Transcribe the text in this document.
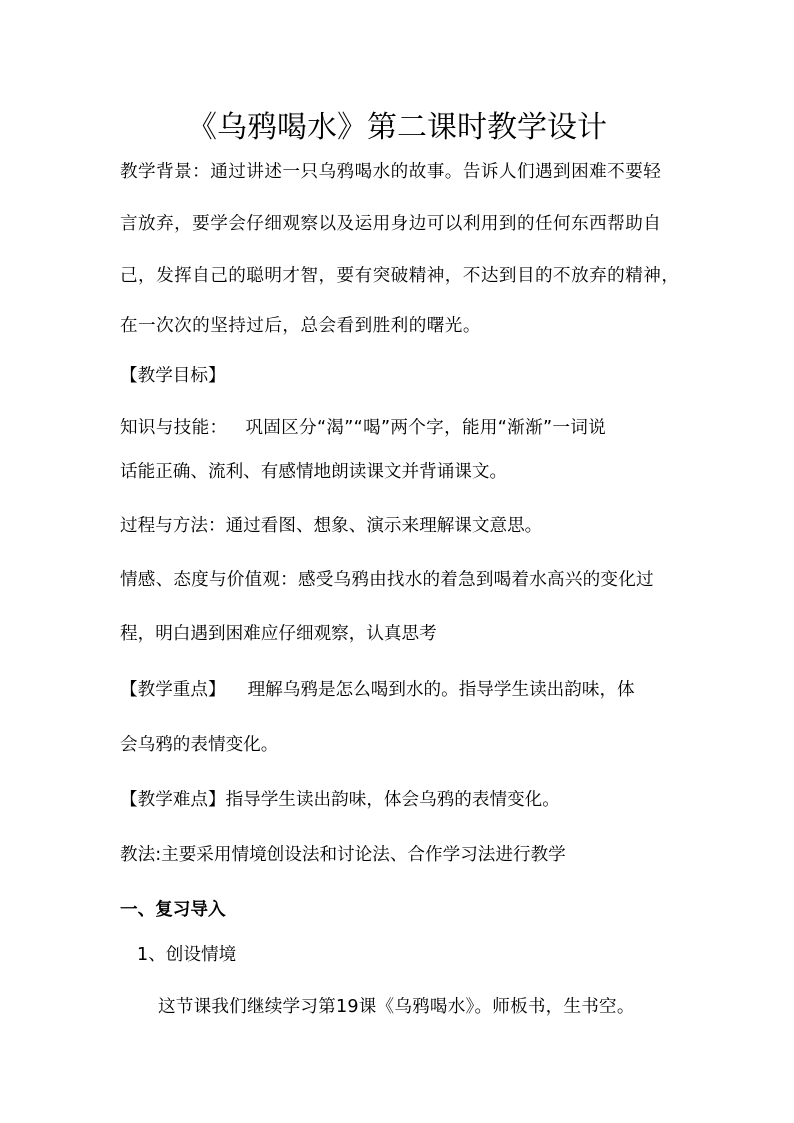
《乌鸦喝水》第二课时教学设计
教学背景：通过讲述一只乌鸦喝水的故事。告诉人们遇到困难不要轻
言放弃，要学会仔细观察以及运用身边可以利用到的任何东西帮助自
己，发挥自己的聪明才智，要有突破精神，不达到目的不放弃的精神，
在一次次的坚持过后，总会看到胜利的曙光。
【教学目标】
知识与技能： 巩固区分“渴”“喝”两个字，能用“渐渐”一词说
话能正确、流利、有感情地朗读课文并背诵课文。
过程与方法：通过看图、想象、演示来理解课文意思。
情感、态度与价值观：感受乌鸦由找水的着急到喝着水高兴的变化过
程，明白遇到困难应仔细观察，认真思考
【教学重点】 理解乌鸦是怎么喝到水的。指导学生读出韵味，体
会乌鸦的表情变化。
【教学难点】指导学生读出韵味，体会乌鸦的表情变化。
教法:主要采用情境创设法和讨论法、合作学习法进行教学
一、复习导入
1、创设情境
这节课我们继续学习第19课《乌鸦喝水》。师板书，生书空。
